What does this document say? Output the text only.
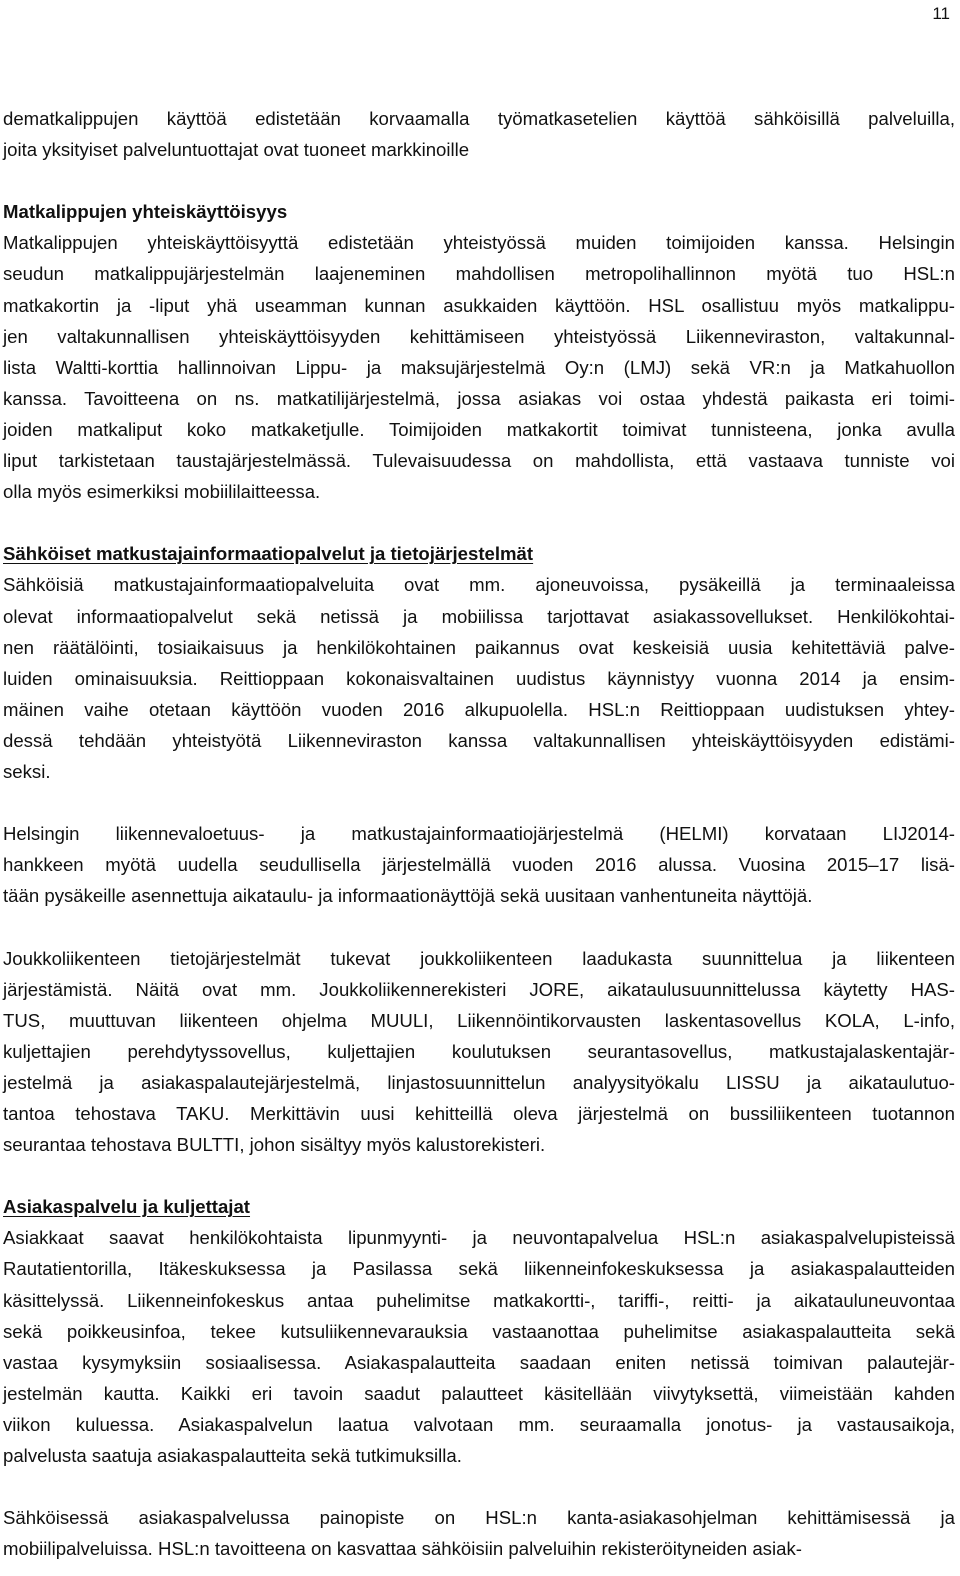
11
dematkalippujen käyttöä edistetään korvaamalla työmatkasetelien käyttöä sähköisillä palveluilla,
joita yksityiset palveluntuottajat ovat tuoneet markkinoille
Matkalippujen yhteiskäyttöisyys
Matkalippujen yhteiskäyttöisyyttä edistetään yhteistyössä muiden toimijoiden kanssa. Helsingin
seudun matkalippujärjestelmän laajeneminen mahdollisen metropolihallinnon myötä tuo HSL:n
matkakortin ja -liput yhä useamman kunnan asukkaiden käyttöön. HSL osallistuu myös matkalippu-
jen valtakunnallisen yhteiskäyttöisyyden kehittämiseen yhteistyössä Liikenneviraston, valtakunnal-
lista Waltti-korttia hallinnoivan Lippu- ja maksujärjestelmä Oy:n (LMJ) sekä VR:n ja Matkahuollon
kanssa. Tavoitteena on ns. matkatilijärjestelmä, jossa asiakas voi ostaa yhdestä paikasta eri toimi-
joiden matkaliput koko matkaketjulle. Toimijoiden matkakortit toimivat tunnisteena, jonka avulla
liput tarkistetaan taustajärjestelmässä. Tulevaisuudessa on mahdollista, että vastaava tunniste voi
olla myös esimerkiksi mobiililaitteessa.
Sähköiset matkustajainformaatiopalvelut ja tietojärjestelmät
Sähköisiä matkustajainformaatiopalveluita ovat mm. ajoneuvoissa, pysäkeillä ja terminaaleissa
olevat informaatiopalvelut sekä netissä ja mobiilissa tarjottavat asiakassovellukset. Henkilökohtai-
nen räätälöinti, tosiaikaisuus ja henkilökohtainen paikannus ovat keskeisiä uusia kehitettäviä palve-
luiden ominaisuuksia. Reittioppaan kokonaisvaltainen uudistus käynnistyy vuonna 2014 ja ensim-
mäinen vaihe otetaan käyttöön vuoden 2016 alkupuolella. HSL:n Reittioppaan uudistuksen yhtey-
dessä tehdään yhteistyötä Liikenneviraston kanssa valtakunnallisen yhteiskäyttöisyyden edistämi-
seksi.
Helsingin liikennevaloetuus- ja matkustajainformaatiojärjestelmä (HELMI) korvataan LIJ2014-
hankkeen myötä uudella seudullisella järjestelmällä vuoden 2016 alussa. Vuosina 2015–17 lisä-
tään pysäkeille asennettuja aikataulu- ja informaationäyttöjä sekä uusitaan vanhentuneita näyttöjä.
Joukkoliikenteen tietojärjestelmät tukevat joukkoliikenteen laadukasta suunnittelua ja liikenteen
järjestämistä. Näitä ovat mm. Joukkoliikennerekisteri JORE, aikataulusuunnittelussa käytetty HAS-
TUS, muuttuvan liikenteen ohjelma MUULI, Liikennöintikorvausten laskentasovellus KOLA, L-info,
kuljettajien perehdytyssovellus, kuljettajien koulutuksen seurantasovellus, matkustajalaskentajär-
jestelmä ja asiakaspalautejärjestelmä, linjastosuunnittelun analyysityökalu LISSU ja aikataulutuo-
tantoa tehostava TAKU. Merkittävin uusi kehitteillä oleva järjestelmä on bussiliikenteen tuotannon
seurantaa tehostava BULTTI, johon sisältyy myös kalustorekisteri.
Asiakaspalvelu ja kuljettajat
Asiakkaat saavat henkilökohtaista lipunmyynti- ja neuvontapalvelua HSL:n asiakaspalvelupisteissä
Rautatientorilla, Itäkeskuksessa ja Pasilassa sekä liikenneinfokeskuksessa ja asiakaspalautteiden
käsittelyssä. Liikenneinfokeskus antaa puhelimitse matkakortti-, tariffi-, reitti- ja aikatauluneuvontaa
sekä poikkeusinfoa, tekee kutsuliikennevarauksia vastaanottaa puhelimitse asiakaspalautteita sekä
vastaa kysymyksiin sosiaalisessa. Asiakaspalautteita saadaan eniten netissä toimivan palautejär-
jestelmän kautta. Kaikki eri tavoin saadut palautteet käsitellään viivytyksettä, viimeistään kahden
viikon kuluessa. Asiakaspalvelun laatua valvotaan mm. seuraamalla jonotus- ja vastausaikoja,
palvelusta saatuja asiakaspalautteita sekä tutkimuksilla.
Sähköisessä asiakaspalvelussa painopiste on HSL:n kanta-asiakasohjelman kehittämisessä ja
mobiilipalveluissa. HSL:n tavoitteena on kasvattaa sähköisiin palveluihin rekisteröityneiden asiak-
